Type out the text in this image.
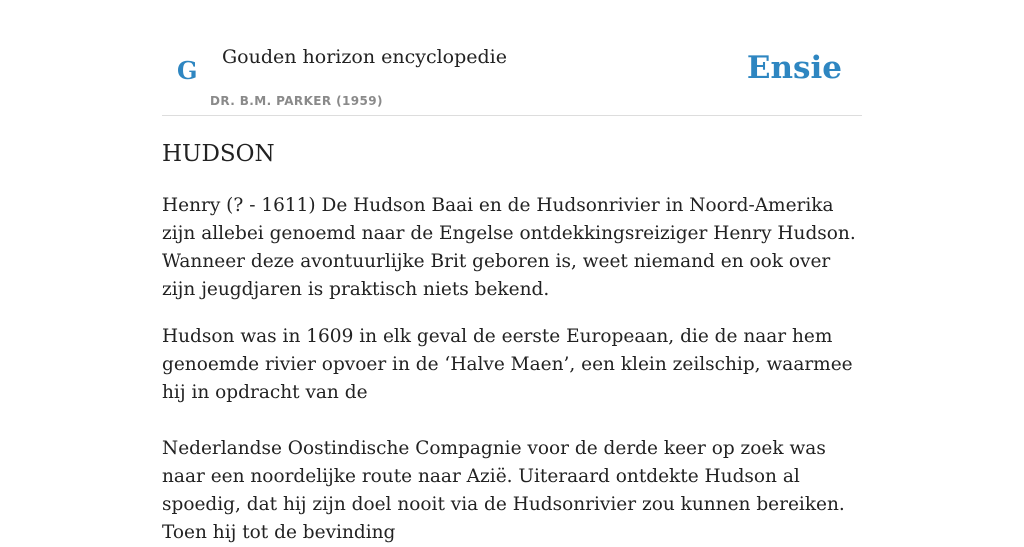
G Gouden horizon encyclopedie
DR. B.M. PARKER (1959)
Ensie
HUDSON

Henry (? - 1611) De Hudson Baai en de Hudsonrivier in Noord-Amerika zijn allebei genoemd naar de Engelse ontdekkingsreiziger Henry Hudson. Wanneer deze avontuurlijke Brit geboren is, weet niemand en ook over zijn jeugdjaren is praktisch niets bekend.

Hudson was in 1609 in elk geval de eerste Europeaan, die de naar hem genoemde rivier opvoer in de ‘Halve Maen’, een klein zeilschip, waarmee hij in opdracht van de

Nederlandse Oostindische Compagnie voor de derde keer op zoek was naar een noordelijke route naar Azië. Uiteraard ontdekte Hudson al spoedig, dat hij zijn doel nooit via de Hudsonrivier zou kunnen bereiken. Toen hij tot de bevinding
